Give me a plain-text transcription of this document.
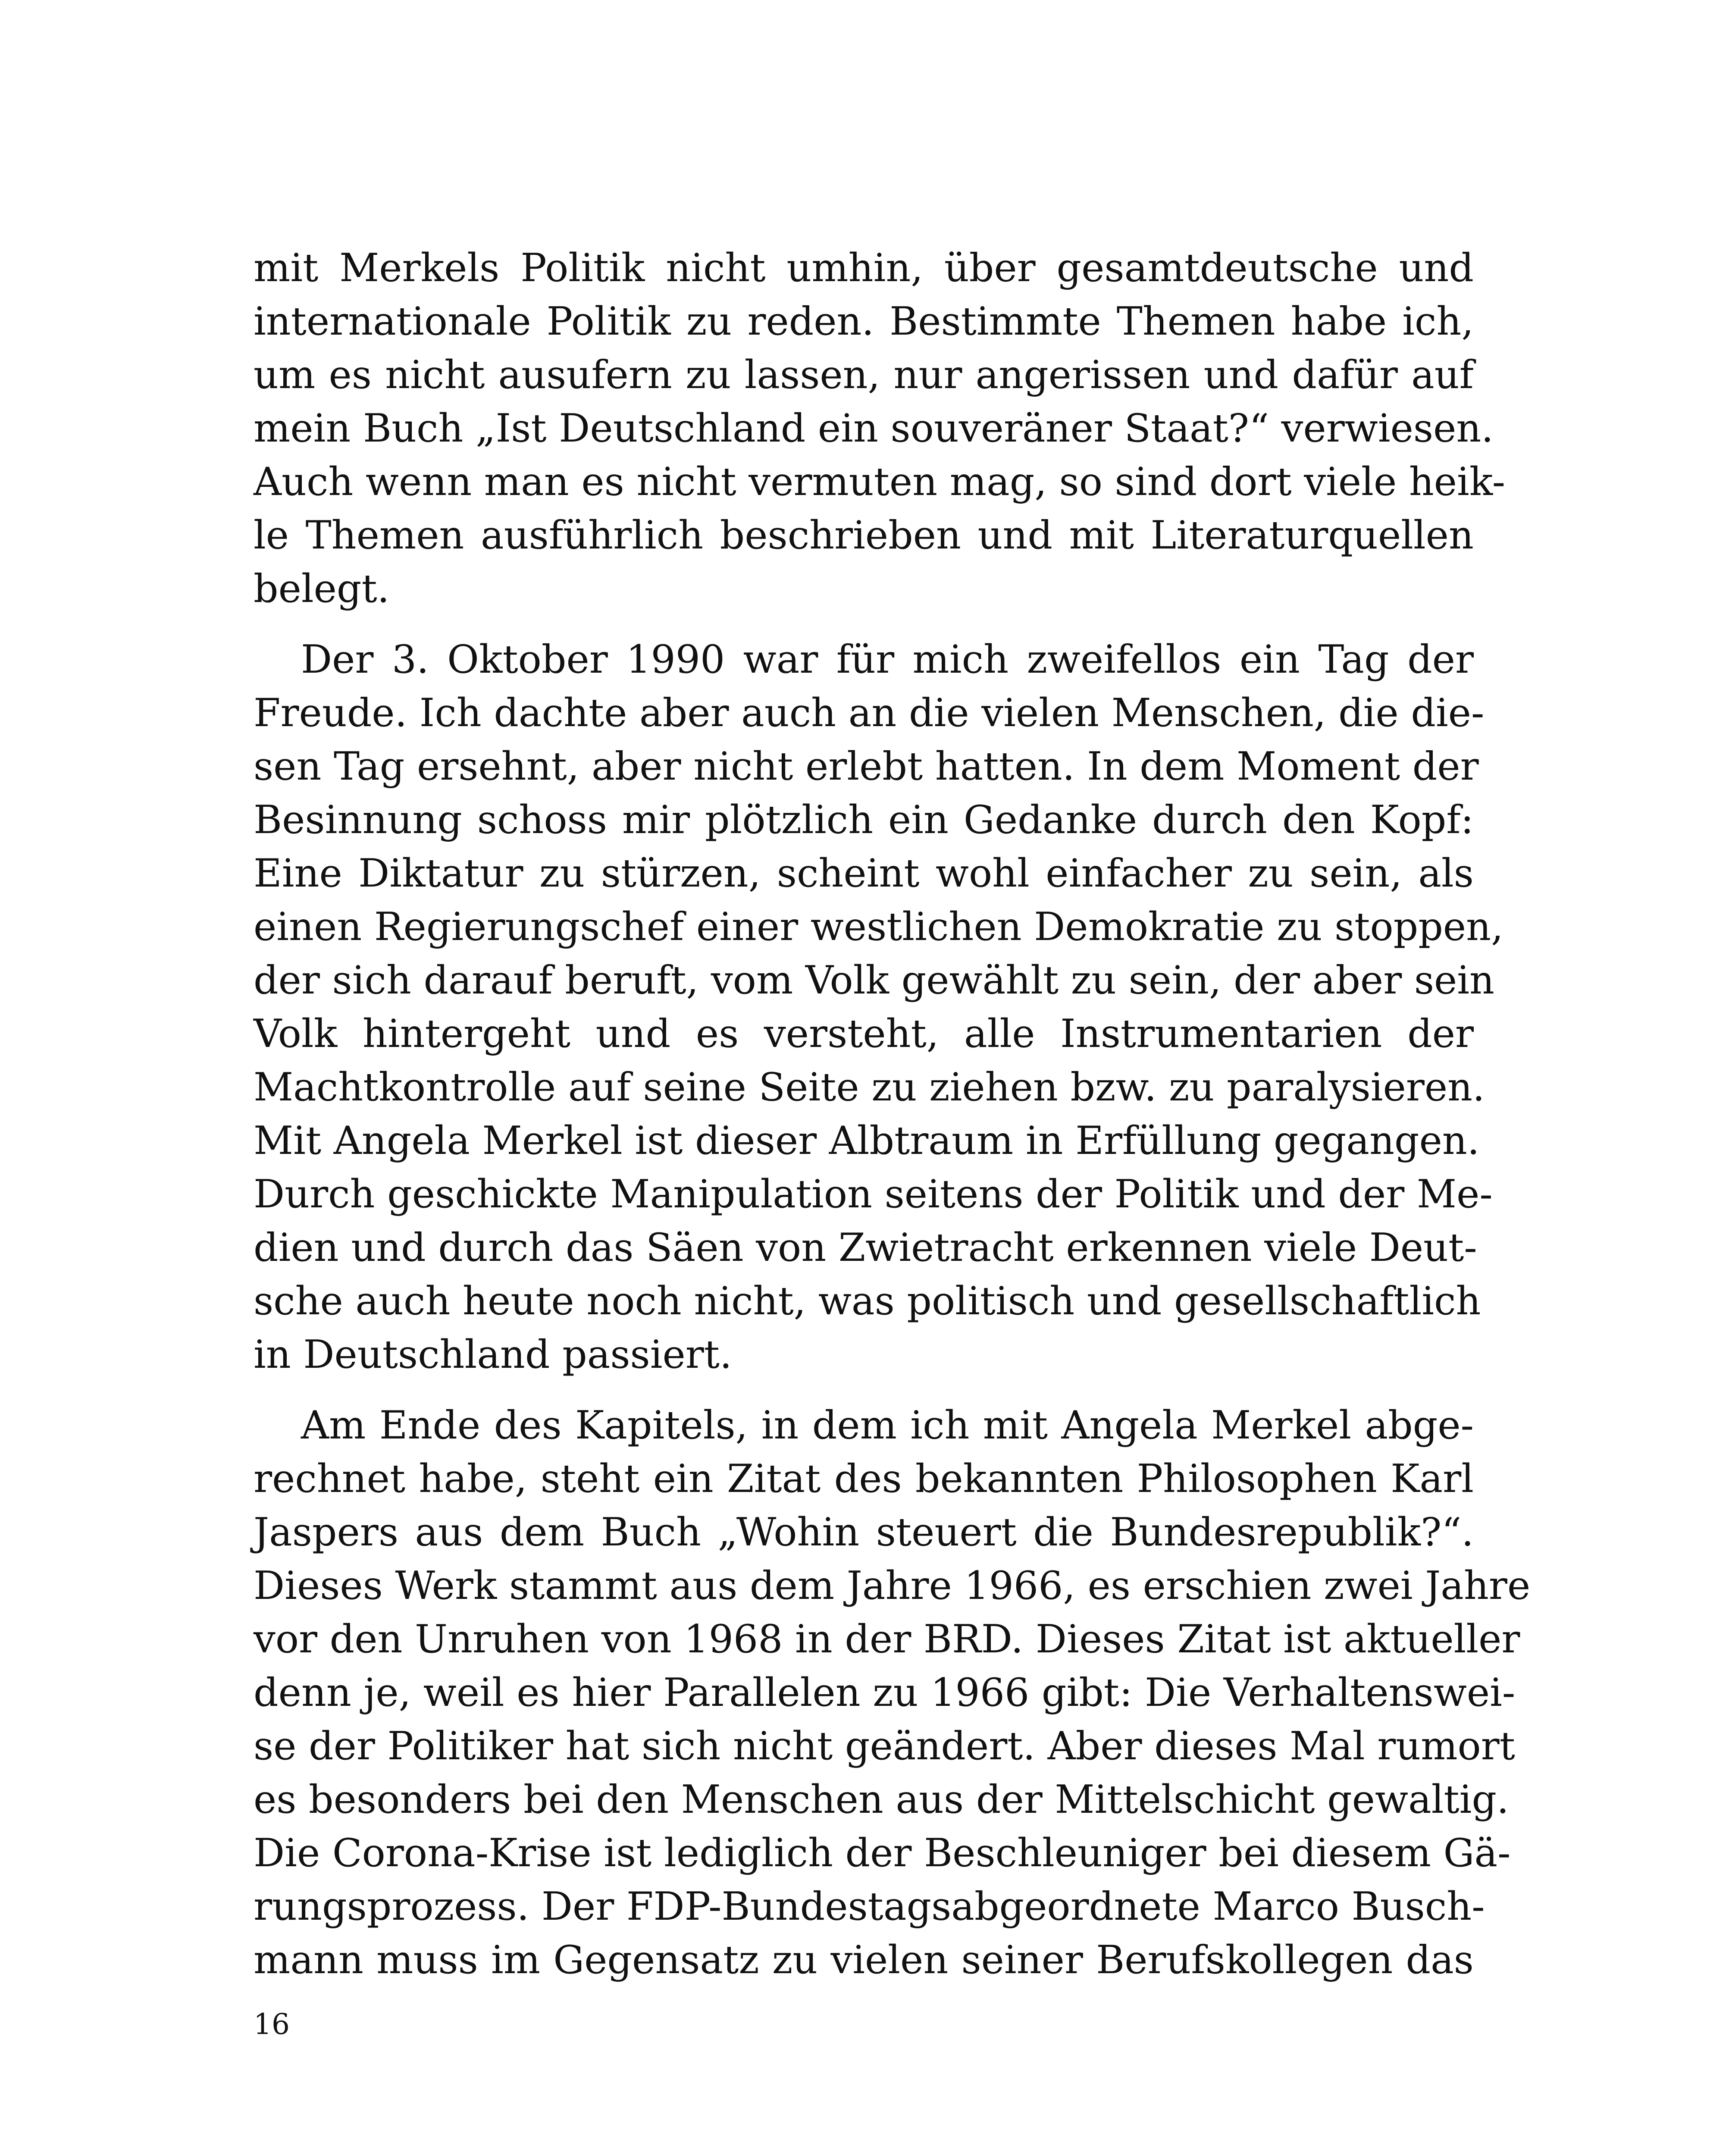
mit Merkels Politik nicht umhin, über gesamtdeutsche und
internationale Politik zu reden. Bestimmte Themen habe ich,
um es nicht ausufern zu lassen, nur angerissen und dafür auf
mein Buch „Ist Deutschland ein souveräner Staat?“ verwiesen.
Auch wenn man es nicht vermuten mag, so sind dort viele heik-
le Themen ausführlich beschrieben und mit Literaturquellen
belegt.
Der 3. Oktober 1990 war für mich zweifellos ein Tag der
Freude. Ich dachte aber auch an die vielen Menschen, die die-
sen Tag ersehnt, aber nicht erlebt hatten. In dem Moment der
Besinnung schoss mir plötzlich ein Gedanke durch den Kopf:
Eine Diktatur zu stürzen, scheint wohl einfacher zu sein, als
einen Regierungschef einer westlichen Demokratie zu stoppen,
der sich darauf beruft, vom Volk gewählt zu sein, der aber sein
Volk hintergeht und es versteht, alle Instrumentarien der
Machtkontrolle auf seine Seite zu ziehen bzw. zu paralysieren.
Mit Angela Merkel ist dieser Albtraum in Erfüllung gegangen.
Durch geschickte Manipulation seitens der Politik und der Me-
dien und durch das Säen von Zwietracht erkennen viele Deut-
sche auch heute noch nicht, was politisch und gesellschaftlich
in Deutschland passiert.
Am Ende des Kapitels, in dem ich mit Angela Merkel abge-
rechnet habe, steht ein Zitat des bekannten Philosophen Karl
Jaspers aus dem Buch „Wohin steuert die Bundesrepublik?“.
Dieses Werk stammt aus dem Jahre 1966, es erschien zwei Jahre
vor den Unruhen von 1968 in der BRD. Dieses Zitat ist aktueller
denn je, weil es hier Parallelen zu 1966 gibt: Die Verhaltenswei-
se der Politiker hat sich nicht geändert. Aber dieses Mal rumort
es besonders bei den Menschen aus der Mittelschicht gewaltig.
Die Corona-Krise ist lediglich der Beschleuniger bei diesem Gä-
rungsprozess. Der FDP-Bundestagsabgeordnete Marco Busch-
mann muss im Gegensatz zu vielen seiner Berufskollegen das
16
